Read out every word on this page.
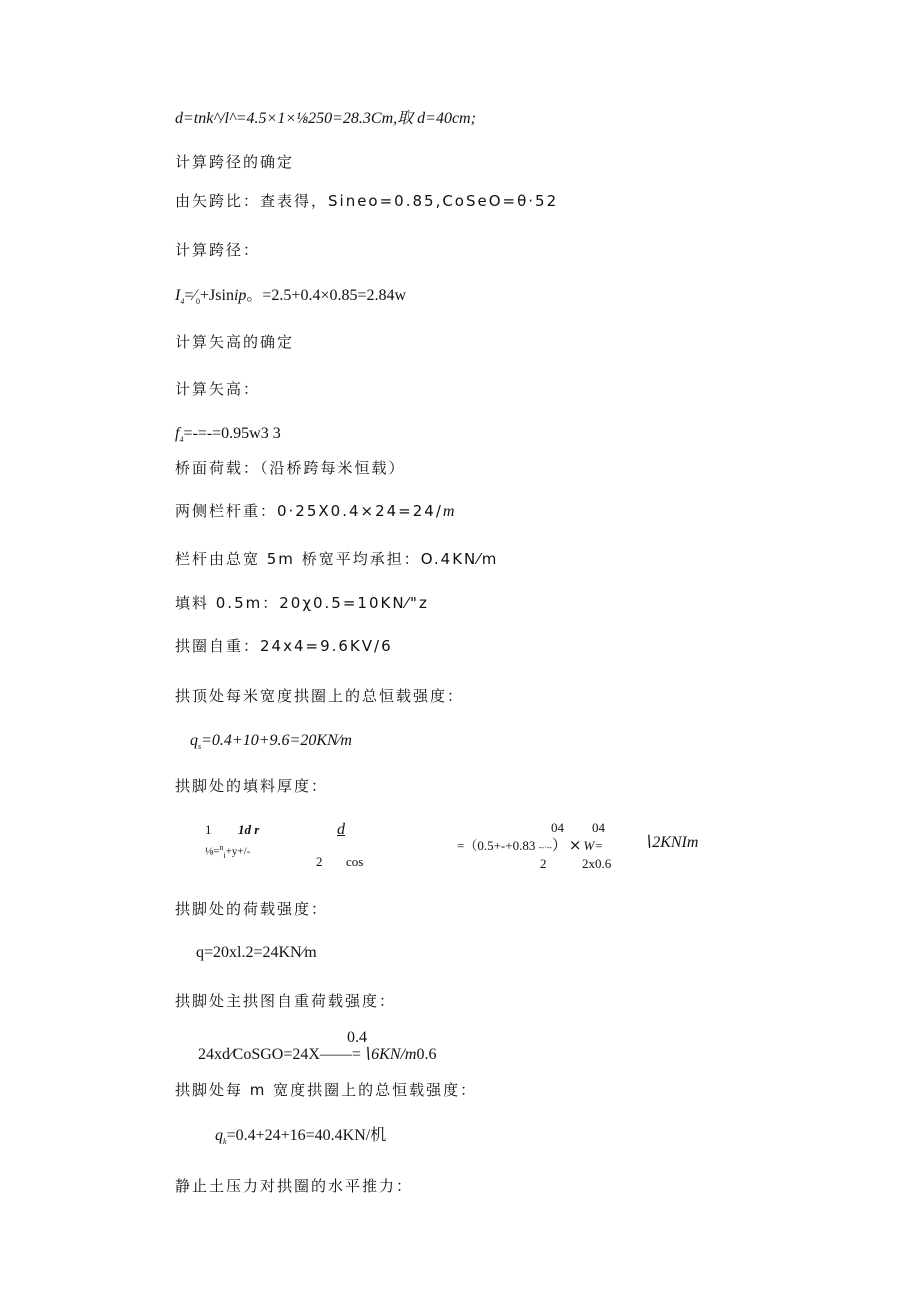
d=tnk^/l^=4.5×1×⅛250=28.3Cm,取 d=40cm;
计算跨径的确定
由矢跨比：查表得，Sineo=0.85,CoSeO=θ·52
计算跨径：
$I_4=⁄_0+Jsinip$。=2.5+0.4×0.85=2.84w
计算矢高的确定
计算矢高：
$f_4=-=-=0.95w3$ 3
桥面荷载：（沿桥跨每米恒载）
两侧栏杆重：0·25X0.4×24=24/m
栏杆由总宽 5m 桥宽平均承担：O.4KN⁄m
填料 0.5m：20χ0.5=10KN⁄"z
拱圈自重：24x4=9.6KV/6
拱顶处每米宽度拱圈上的总恒载强度：
$q_s=0.4+10+9.6=20KN⁄m$
拱脚处的填料厚度：
1 1d r	d
⅛=$^n_i$+y+/-
2 cos
04 04
=（0.5+-+0.83 --·--）×W= ∖2KNIm
2	2x0.6
拱脚处的荷载强度：
q=20xl.2=24KN⁄m
拱脚处主拱图自重荷载强度：
0.4
24xd⁄CoSGO=24X——=∖6KN/m0.6
拱脚处每 m 宽度拱圈上的总恒载强度：
$q_k=0.4+24+16=40.4KN/$机
静止土压力对拱圈的水平推力：
